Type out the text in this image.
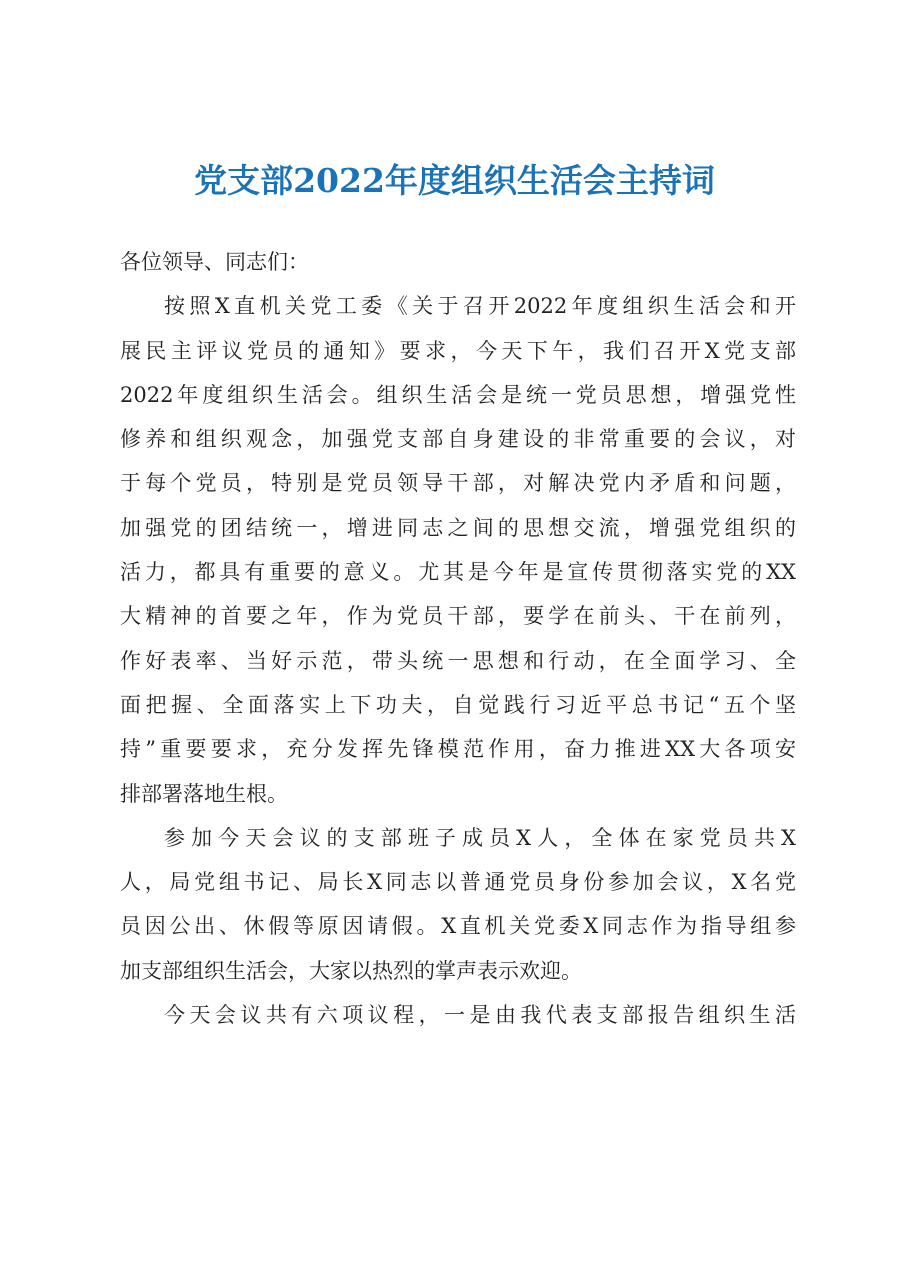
党支部2022年度组织生活会主持词
各位领导、同志们：
按照X直机关党工委《关于召开2022年度组织生活会和开
展民主评议党员的通知》要求，今天下午，我们召开X党支部
2022年度组织生活会。组织生活会是统一党员思想，增强党性
修养和组织观念，加强党支部自身建设的非常重要的会议，对
于每个党员，特别是党员领导干部，对解决党内矛盾和问题，
加强党的团结统一，增进同志之间的思想交流，增强党组织的
活力，都具有重要的意义。尤其是今年是宣传贯彻落实党的XX
大精神的首要之年，作为党员干部，要学在前头、干在前列，
作好表率、当好示范，带头统一思想和行动，在全面学习、全
面把握、全面落实上下功夫，自觉践行习近平总书记“五个坚
持”重要要求，充分发挥先锋模范作用，奋力推进XX大各项安
排部署落地生根。
参加今天会议的支部班子成员X人，全体在家党员共X
人，局党组书记、局长X同志以普通党员身份参加会议，X名党
员因公出、休假等原因请假。X直机关党委X同志作为指导组参
加支部组织生活会，大家以热烈的掌声表示欢迎。
今天会议共有六项议程，一是由我代表支部报告组织生活
